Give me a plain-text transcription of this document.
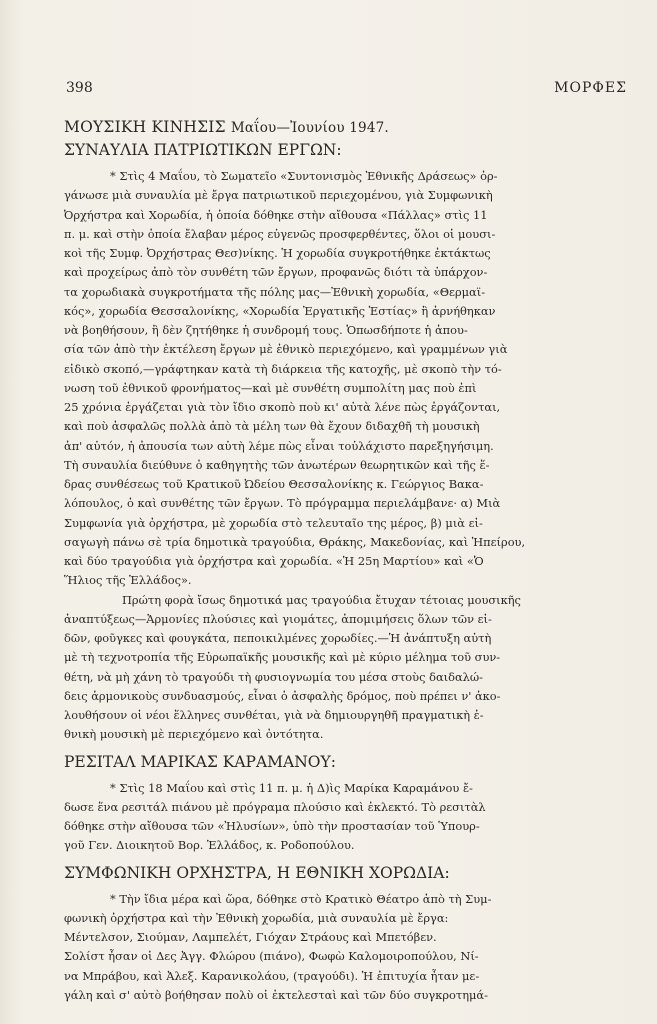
398	ΜΟΡΦΕΣ
ΜΟΥΣΙΚΗ ΚΙΝΗΣΙΣ Μαΐου—Ἰουνίου 1947.
ΣΥΝΑΥΛΙΑ ΠΑΤΡΙΩΤΙΚΩΝ ΕΡΓΩΝ:
* Στὶς 4 Μαΐου, τὸ Σωματεῖο «Συντονισμὸς Ἐθνικῆς Δράσεως» ὀρ-
γάνωσε μιὰ συναυλία μὲ ἔργα πατριωτικοῦ περιεχομένου, γιὰ Συμφωνικὴ
Ὀρχήστρα καὶ Χορωδία, ἡ ὁποία δόθηκε στὴν αἴθουσα «Πάλλας» στὶς 11
π. μ. καὶ στὴν ὁποία ἔλαβαν μέρος εὐγενῶς προσφερθέντες, ὅλοι οἱ μουσι-
κοὶ τῆς Συμφ. Ὀρχήστρας Θεσ)νίκης. Ἡ χορωδία συγκροτήθηκε ἐκτάκτως
καὶ προχείρως ἀπὸ τὸν συνθέτη τῶν ἔργων, προφανῶς διότι τὰ ὑπάρχον-
τα χορωδιακὰ συγκροτήματα τῆς πόλης μας—Ἐθνικὴ χορωδία, «Θερμαϊ-
κός», χορωδία Θεσσαλονίκης, «Χορωδία Ἐργατικῆς Ἑστίας» ἢ ἀρνήθηκαν
νὰ βοηθήσουν, ἢ δὲν ζητήθηκε ἡ συνδρομή τους. Ὁπωσδήποτε ἡ ἀπου-
σία τῶν ἀπὸ τὴν ἐκτέλεση ἔργων μὲ ἐθνικὸ περιεχόμενο, καὶ γραμμένων γιὰ
εἰδικὸ σκοπό,—γράφτηκαν κατὰ τὴ διάρκεια τῆς κατοχῆς, μὲ σκοπὸ τὴν τό-
νωση τοῦ ἐθνικοῦ φρονήματος—καὶ μὲ συνθέτη συμπολίτη μας ποὺ ἐπὶ
25 χρόνια ἐργάζεται γιὰ τὸν ἴδιο σκοπὸ ποὺ κι' αὐτὰ λένε πὼς ἐργάζονται,
καὶ ποὺ ἀσφαλῶς πολλὰ ἀπὸ τὰ μέλη των θὰ ἔχουν διδαχθῆ τὴ μουσικὴ
ἀπ' αὐτόν, ἡ ἀπουσία των αὐτὴ λέμε πὼς εἶναι τοὐλάχιστο παρεξηγήσιμη.
Τὴ συναυλία διεύθυνε ὁ καθηγητὴς τῶν ἀνωτέρων θεωρητικῶν καὶ τῆς ἕ-
δρας συνθέσεως τοῦ Κρατικοῦ Ὠδείου Θεσσαλονίκης κ. Γεώργιος Βακα-
λόπουλος, ὁ καὶ συνθέτης τῶν ἔργων. Τὸ πρόγραμμα περιελάμβανε· α) Μιὰ
Συμφωνία γιὰ ὀρχήστρα, μὲ χορωδία στὸ τελευταῖο της μέρος, β) μιὰ εἰ-
σαγωγὴ πάνω σὲ τρία δημοτικὰ τραγούδια, Θράκης, Μακεδονίας, καὶ Ἠπείρου,
καὶ δύο τραγούδια γιὰ ὀρχήστρα καὶ χορωδία. «Ἡ 25η Μαρτίου» καὶ «Ὁ
Ἥλιος τῆς Ἑλλάδος».
Πρώτη φορὰ ἴσως δημοτικά μας τραγούδια ἔτυχαν τέτοιας μουσικῆς
ἀναπτύξεως—Ἁρμονίες πλούσιες καὶ γιομάτες, ἀπομιμήσεις ὅλων τῶν εἰ-
δῶν, φοῦγκες καὶ φουγκάτα, πεποικιλμένες χορωδίες.—Ἡ ἀνάπτυξη αὐτὴ
μὲ τὴ τεχνοτροπία τῆς Εὐρωπαϊκῆς μουσικῆς καὶ μὲ κύριο μέλημα τοῦ συν-
θέτη, νὰ μὴ χάνη τὸ τραγούδι τὴ φυσιογνωμία του μέσα στοὺς δαιδαλώ-
δεις ἁρμονικοὺς συνδυασμούς, εἶναι ὁ ἀσφαλὴς δρόμος, ποὺ πρέπει ν' ἀκο-
λουθήσουν οἱ νέοι ἕλληνες συνθέται, γιὰ νὰ δημιουργηθῆ πραγματικὴ ἐ-
θνικὴ μουσικὴ μὲ περιεχόμενο καὶ ὀντότητα.
ΡΕΣΙΤΑΛ ΜΑΡΙΚΑΣ ΚΑΡΑΜΑΝΟΥ:
* Στὶς 18 Μαΐου καὶ στὶς 11 π. μ. ἡ Δ)ὶς Μαρίκα Καραμάνου ἔ-
δωσε ἕνα ρεσιτάλ πιάνου μὲ πρόγραμα πλούσιο καὶ ἐκλεκτό. Τὸ ρεσιτὰλ
δόθηκε στὴν αἴθουσα τῶν «Ἠλυσίων», ὑπὸ τὴν προστασίαν τοῦ Ὑπουρ-
γοῦ Γεν. Διοικητοῦ Βορ. Ἑλλάδος, κ. Ροδοπούλου.
ΣΥΜΦΩΝΙΚΗ ΟΡΧΗΣΤΡΑ, Η ΕΘΝΙΚΗ ΧΟΡΩΔΙΑ:
* Τὴν ἴδια μέρα καὶ ὥρα, δόθηκε στὸ Κρατικὸ Θέατρο ἀπὸ τὴ Συμ-
φωνικὴ ὀρχήστρα καὶ τὴν Ἐθνικὴ χορωδία, μιὰ συναυλία μὲ ἔργα:
Μέντελσον, Σιούμαν, Λαμπελέτ, Γιόχαν Στράους καὶ Μπετόβεν.
Σολίστ ἦσαν οἱ Δες Ἀγγ. Φλώρου (πιάνο), Φωφὼ Καλομοιροπούλου, Νί-
να Μπράβου, καὶ Ἀλεξ. Καρανικολάου, (τραγούδι). Ἡ ἐπιτυχία ἦταν με-
γάλη καὶ σ' αὐτὸ βοήθησαν πολὺ οἱ ἐκτελεσταὶ καὶ τῶν δύο συγκροτημά-
